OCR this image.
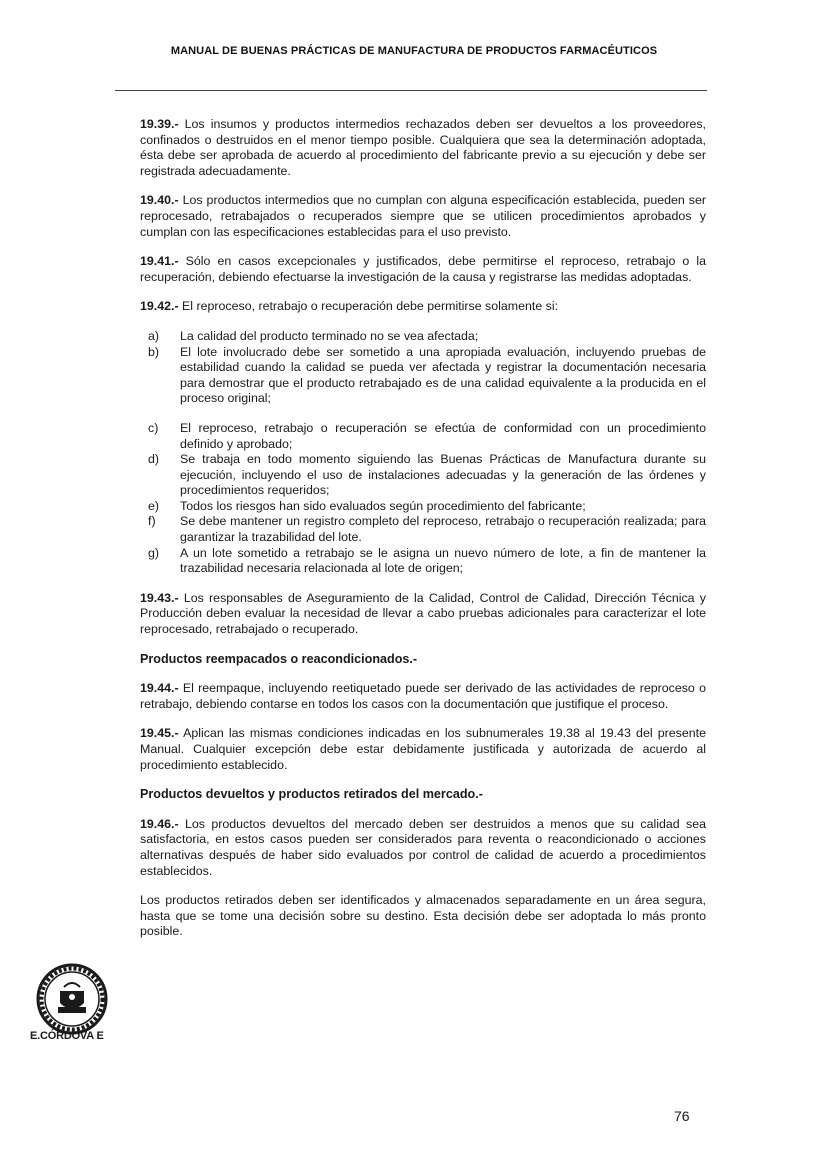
MANUAL DE BUENAS PRÁCTICAS DE MANUFACTURA DE PRODUCTOS FARMACÉUTICOS

19.39.- Los insumos y productos intermedios rechazados deben ser devueltos a los proveedores, confinados o destruidos en el menor tiempo posible. Cualquiera que sea la determinación adoptada, ésta debe ser aprobada de acuerdo al procedimiento del fabricante previo a su ejecución y debe ser registrada adecuadamente.

19.40.- Los productos intermedios que no cumplan con alguna especificación establecida, pueden ser reprocesado, retrabajados o recuperados siempre que se utilicen procedimientos aprobados y cumplan con las especificaciones establecidas para el uso previsto.

19.41.- Sólo en casos excepcionales y justificados, debe permitirse el reproceso, retrabajo o la recuperación, debiendo efectuarse la investigación de la causa y registrarse las medidas adoptadas.

19.42.- El reproceso, retrabajo o recuperación debe permitirse solamente si:

a) La calidad del producto terminado no se vea afectada;
b) El lote involucrado debe ser sometido a una apropiada evaluación, incluyendo pruebas de estabilidad cuando la calidad se pueda ver afectada y registrar la documentación necesaria para demostrar que el producto retrabajado es de una calidad equivalente a la producida en el proceso original;
c) El reproceso, retrabajo o recuperación se efectúa de conformidad con un procedimiento definido y aprobado;
d) Se trabaja en todo momento siguiendo las Buenas Prácticas de Manufactura durante su ejecución, incluyendo el uso de instalaciones adecuadas y la generación de las órdenes y procedimientos requeridos;
e) Todos los riesgos han sido evaluados según procedimiento del fabricante;
f) Se debe mantener un registro completo del reproceso, retrabajo o recuperación realizada; para garantizar la trazabilidad del lote.
g) A un lote sometido a retrabajo se le asigna un nuevo número de lote, a fin de mantener la trazabilidad necesaria relacionada al lote de origen;

19.43.- Los responsables de Aseguramiento de la Calidad, Control de Calidad, Dirección Técnica y Producción deben evaluar la necesidad de llevar a cabo pruebas adicionales para caracterizar el lote reprocesado, retrabajado o recuperado.

Productos reempacados o reacondicionados.-

19.44.- El reempaque, incluyendo reetiquetado puede ser derivado de las actividades de reproceso o retrabajo, debiendo contarse en todos los casos con la documentación que justifique el proceso.

19.45.- Aplican las mismas condiciones indicadas en los subnumerales 19.38 al 19.43 del presente Manual. Cualquier excepción debe estar debidamente justificada y autorizada de acuerdo al procedimiento establecido.

Productos devueltos y productos retirados del mercado.-

19.46.- Los productos devueltos del mercado deben ser destruidos a menos que su calidad sea satisfactoria, en estos casos pueden ser considerados para reventa o reacondicionado o acciones alternativas después de haber sido evaluados por control de calidad de acuerdo a procedimientos establecidos.

Los productos retirados deben ser identificados y almacenados separadamente en un área segura, hasta que se tome una decisión sobre su destino. Esta decisión debe ser adoptada lo más pronto posible.

E.CÓRDOVA E
76
